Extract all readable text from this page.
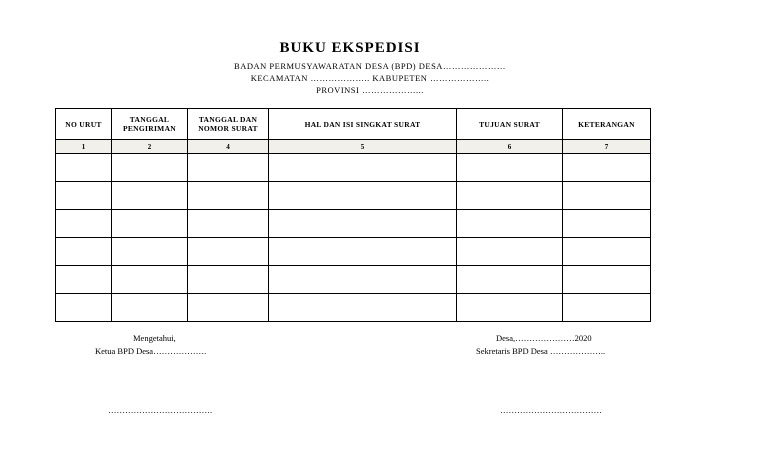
BUKU EKSPEDISI
BADAN PERMUSYAWARATAN DESA (BPD) DESA…………………
KECAMATAN ……………….. KABUPETEN ………………..
PROVINSI ………………...
NO URUT	TANGGAL PENGIRIMAN	TANGGAL DAN NOMOR SURAT	HAL DAN ISI SINGKAT SURAT	TUJUAN SURAT	KETERANGAN
1	2	4	5	6	7

Mengetahui,
Ketua BPD Desa……………….
Desa,…………………2020
Sekretaris BPD Desa ………………..
……………………………….	………………………………
